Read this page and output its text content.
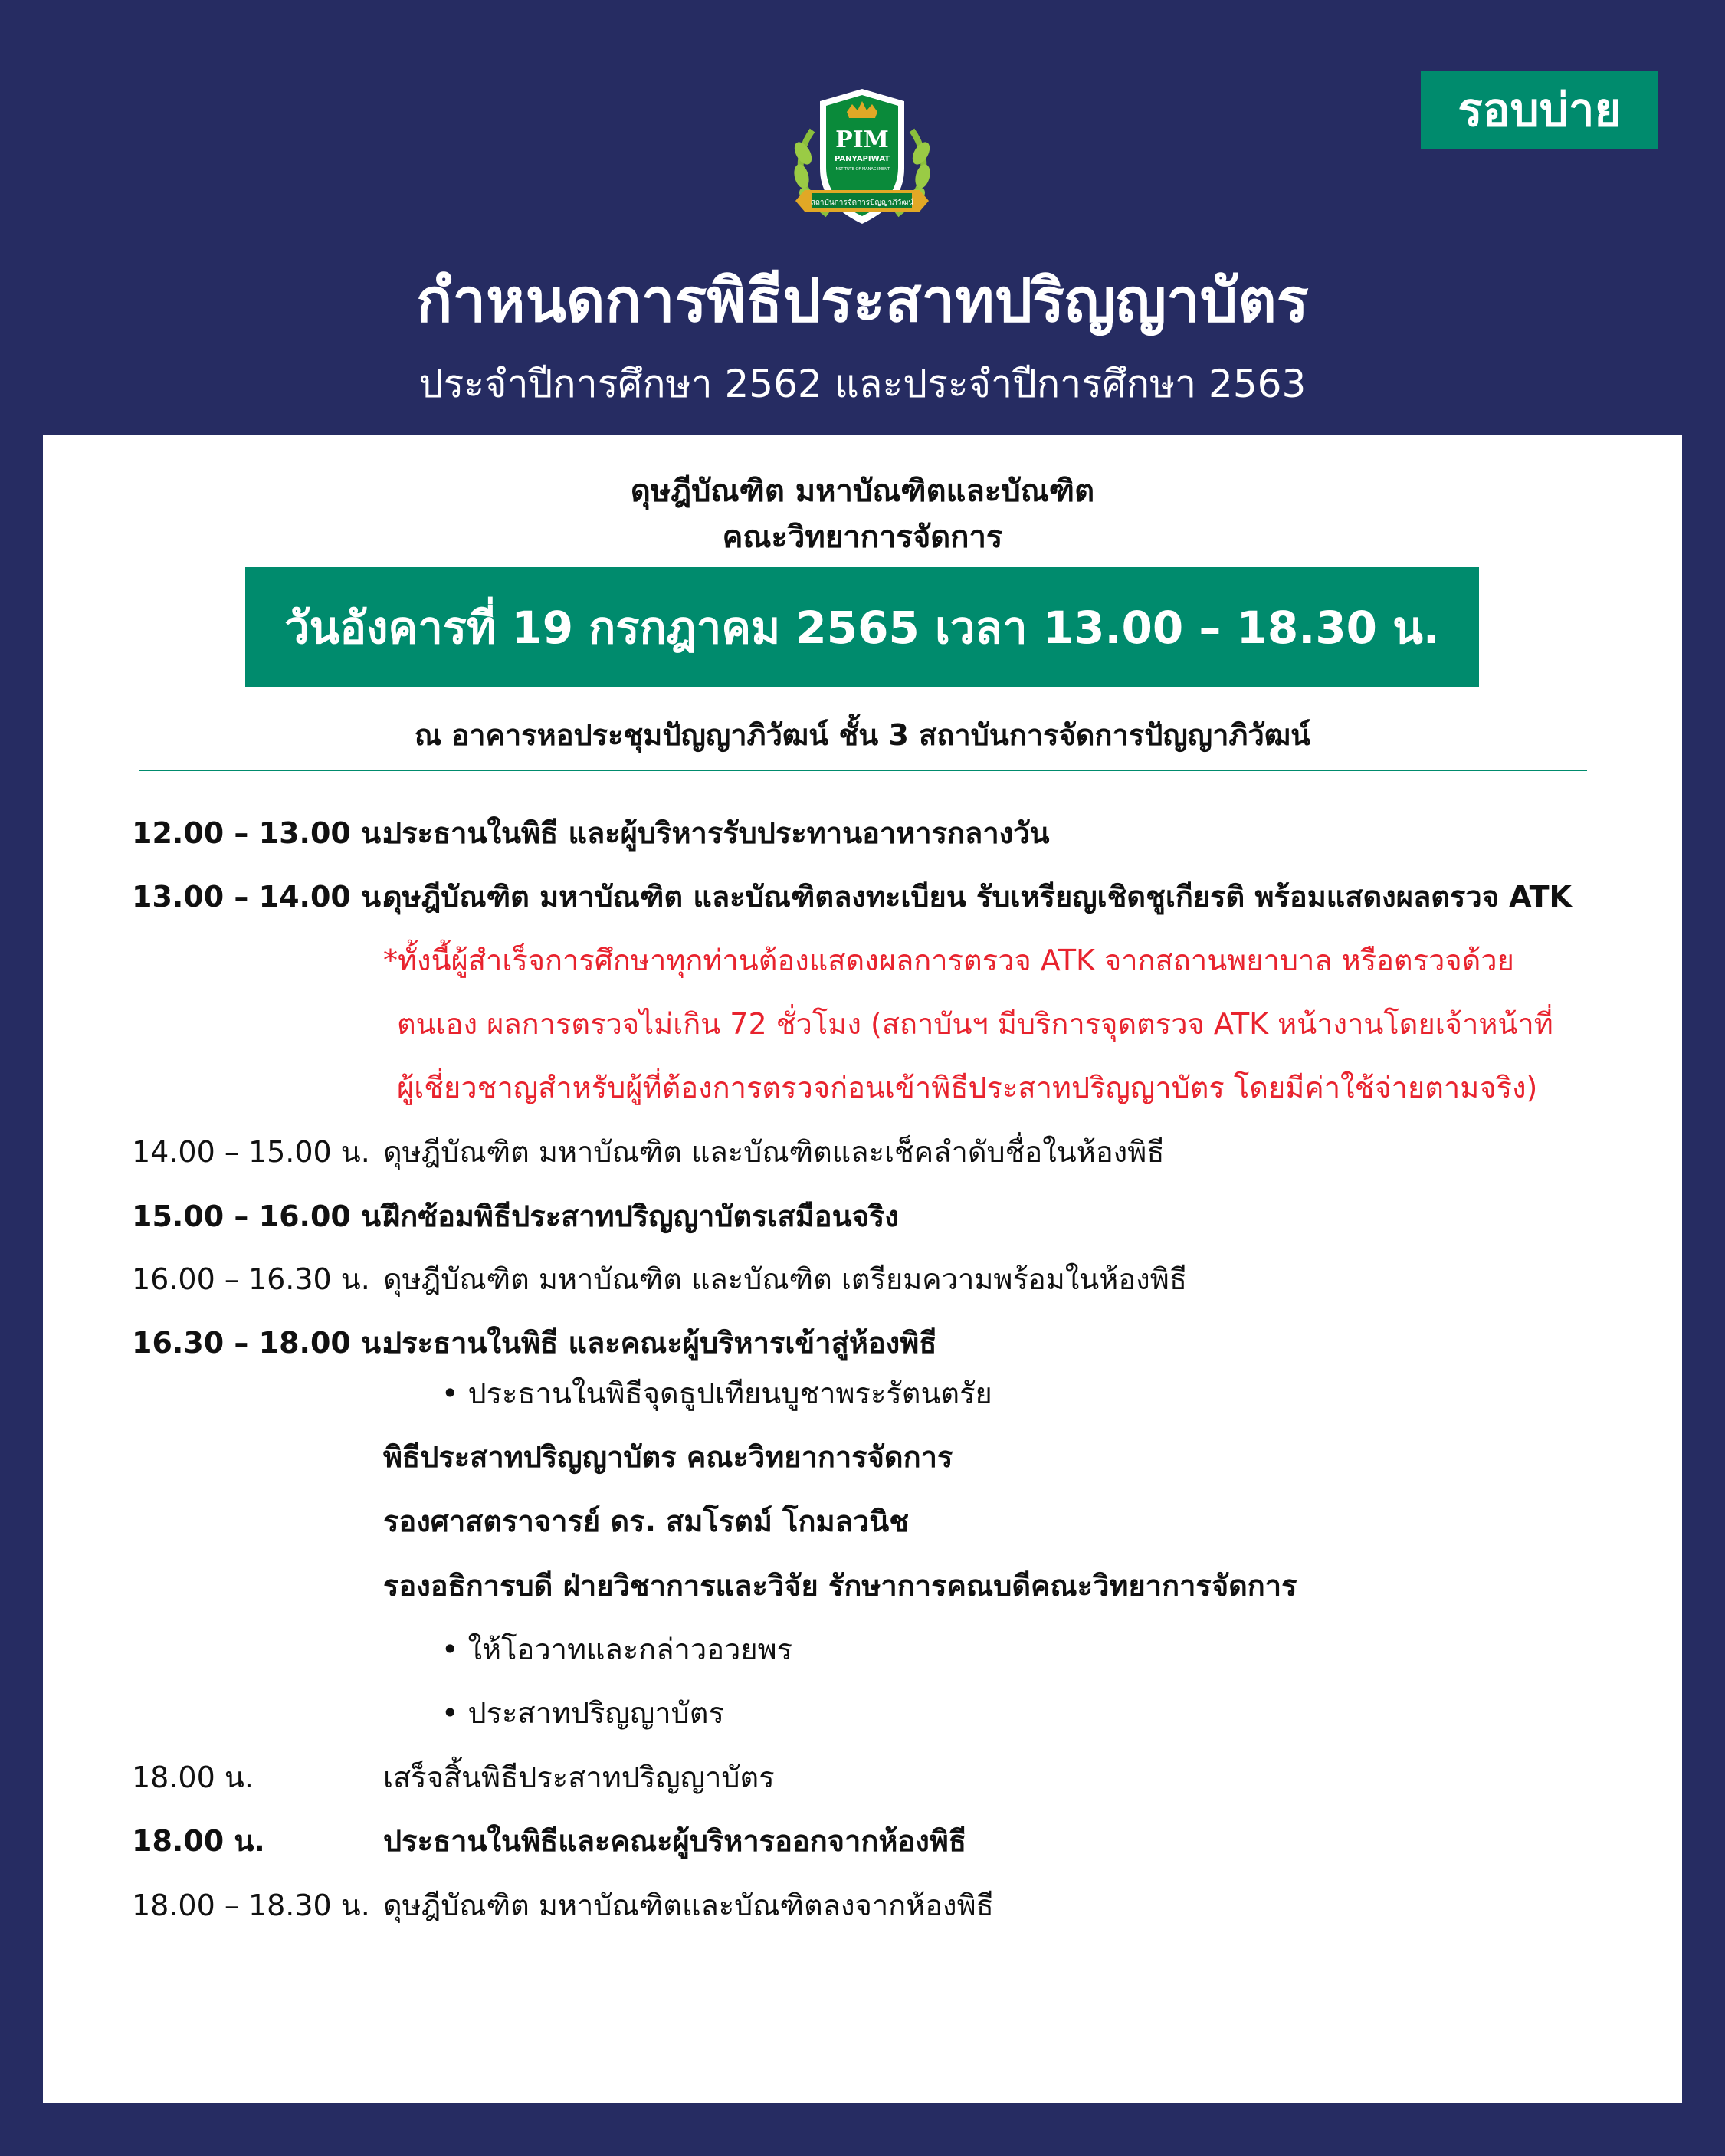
รอบบ่าย
PIM
PANYAPIWAT
INSTITUTE OF MANAGEMENT
สถาบันการจัดการปัญญาภิวัฒน์
กำหนดการพิธีประสาทปริญญาบัตร
ประจำปีการศึกษา 2562 และประจำปีการศึกษา 2563
ดุษฎีบัณฑิต มหาบัณฑิตและบัณฑิต
คณะวิทยาการจัดการ
วันอังคารที่ 19 กรกฎาคม 2565 เวลา 13.00 – 18.30 น.
ณ อาคารหอประชุมปัญญาภิวัฒน์ ชั้น 3 สถาบันการจัดการปัญญาภิวัฒน์
12.00 – 13.00 น.
ประธานในพิธี และผู้บริหารรับประทานอาหารกลางวัน
13.00 – 14.00 น.
ดุษฎีบัณฑิต มหาบัณฑิต และบัณฑิตลงทะเบียน รับเหรียญเชิดชูเกียรติ พร้อมแสดงผลตรวจ ATK
*ทั้งนี้ผู้สำเร็จการศึกษาทุกท่านต้องแสดงผลการตรวจ ATK จากสถานพยาบาล หรือตรวจด้วย
ตนเอง ผลการตรวจไม่เกิน 72 ชั่วโมง (สถาบันฯ มีบริการจุดตรวจ ATK หน้างานโดยเจ้าหน้าที่
ผู้เชี่ยวชาญสำหรับผู้ที่ต้องการตรวจก่อนเข้าพิธีประสาทปริญญาบัตร โดยมีค่าใช้จ่ายตามจริง)
14.00 – 15.00 น. ดุษฎีบัณฑิต มหาบัณฑิต และบัณฑิตและเช็คลำดับชื่อในห้องพิธี
15.00 – 16.00 น.
ฝึกซ้อมพิธีประสาทปริญญาบัตรเสมือนจริง
16.00 – 16.30 น. ดุษฎีบัณฑิต มหาบัณฑิต และบัณฑิต เตรียมความพร้อมในห้องพิธี
16.30 – 18.00 น.
ประธานในพิธี และคณะผู้บริหารเข้าสู่ห้องพิธี
• ประธานในพิธีจุดธูปเทียนบูชาพระรัตนตรัย
พิธีประสาทปริญญาบัตร คณะวิทยาการจัดการ
รองศาสตราจารย์ ดร. สมโรตม์ โกมลวนิช
รองอธิการบดี ฝ่ายวิชาการและวิจัย รักษาการคณบดีคณะวิทยาการจัดการ
• ให้โอวาทและกล่าวอวยพร
• ประสาทปริญญาบัตร
18.00 น.	เสร็จสิ้นพิธีประสาทปริญญาบัตร
18.00 น.	ประธานในพิธีและคณะผู้บริหารออกจากห้องพิธี
18.00 – 18.30 น. ดุษฎีบัณฑิต มหาบัณฑิตและบัณฑิตลงจากห้องพิธี
